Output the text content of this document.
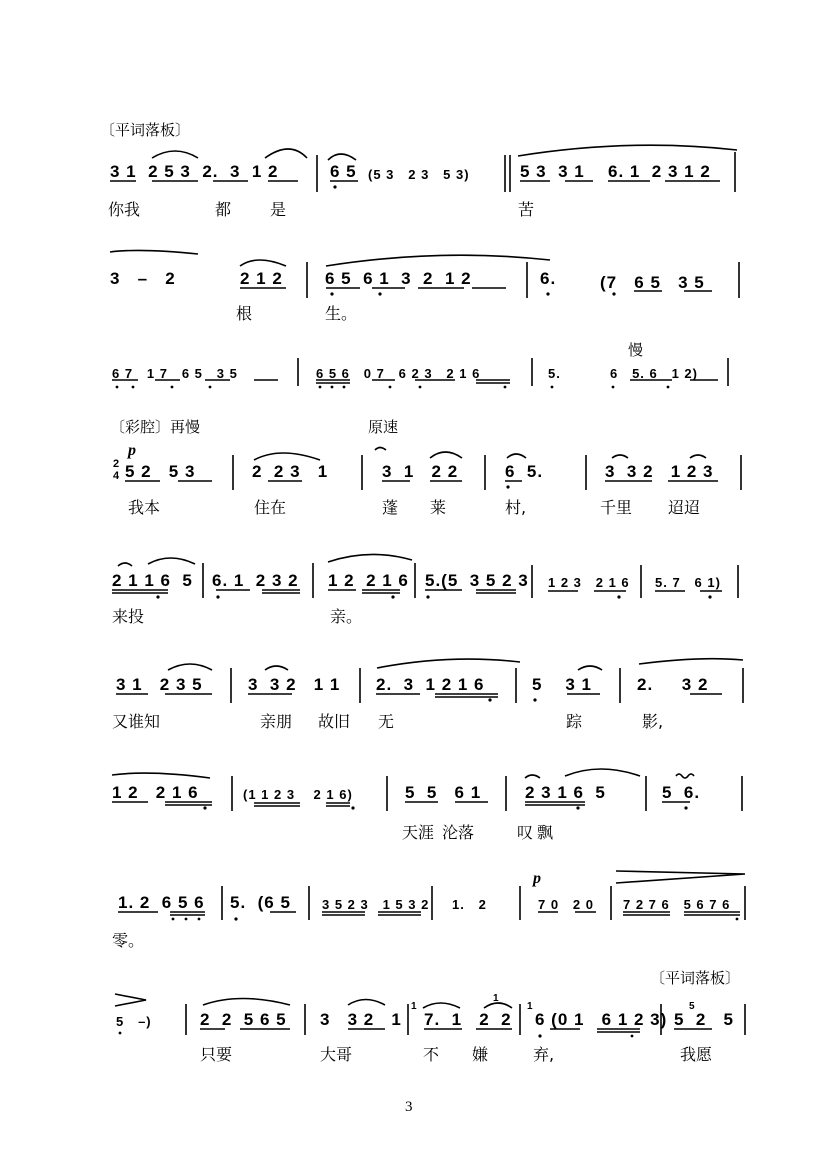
〔平词落板〕
3 1  2 5 3  2.  3  1 2	6 5 (5 3   2 3   5 3)	5 3  3 1 6. 1  2 3 1 2
你我	都 是	苦
3   –   2	2 1 2 6 5  6 1  3  2  1 2	6.	(7   6 5   3 5
根	生。
慢
6 7   1 7   6 5   3 5	6 5 6   0 7   6 2 3   2 1 6	5.	6   5. 6   1 2)
〔彩腔〕再慢	原速
p
2
4 5 2   5 3	2  2 3   1	3  1   2 2	6  5.	3  3 2   1 2 3
我本	住在	蓬 莱	村,	千里 迢迢
2 1 1 6  5 6. 1  2 3 2 1 2  2 1 6 5.(5  3 5 2 3 1 2 3   2 1 6 5. 7   6 1)
来投	亲。
3 1   2 3 5	3  3 2   1 1 2.  3  1 2 1 6	5    3 1	2.     3 2
又谁知	亲朋 故旧 无	踪	影,
1 2   2 1 6	(1 1 2 3    2 1 6)	5  5   6 1	2 3 1 6  5	5  6.
天涯 沦落	叹 飘
p
1. 2  6 5 6 5.  (6 5 3 5 2 3   1 5 3 2 1.   2	7 0   2 0 7 2 7 6   5 6 7 6
零。
〔平词落板〕
5   –)	2  2  5 6 5 3   3 2   1 7.  1   2  2 6 (0 1   6 1 2 3) 5  2   5
1
1
1	5
只要	大哥	不 嫌	弃,	我愿
3
